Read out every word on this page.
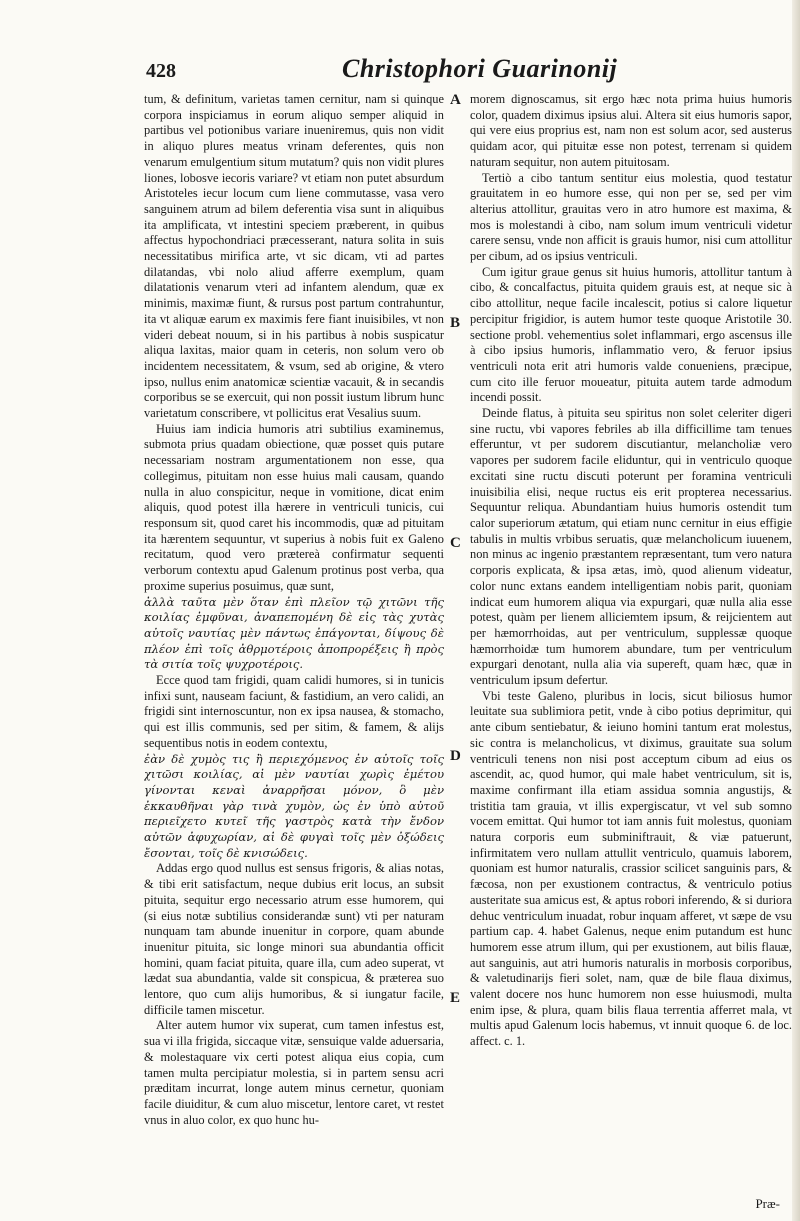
428	Christophori Guarinonij
A
B
C
D
E

tum, & definitum, varietas tamen cernitur, nam si quinque corpora inspiciamus in eorum aliquo semper aliquid in partibus vel potionibus variare inueniremus, quis non vidit in aliquo plures meatus vrinam deferentes, quis non venarum emulgentium situm mutatum? quis non vidit plures liones, lobosve iecoris variare? vt etiam non putet absurdum Aristoteles iecur locum cum liene commutasse, vasa vero sanguinem atrum ad bilem deferentia visa sunt in aliquibus ita amplificata, vt intestini speciem præberent, in quibus affectus hypochondriaci præcesserant, natura solita in suis necessitatibus mirifica arte, vt sic dicam, vti ad partes dilatandas, vbi nolo aliud afferre exemplum, quam dilatationis venarum vteri ad infantem alendum, quæ ex minimis, maximæ fiunt, & rursus post partum contrahuntur, ita vt aliquæ earum ex maximis fere fiant inuisibiles, vt non videri debeat nouum, si in his partibus à nobis suspicatur aliqua laxitas, maior quam in ceteris, non solum vero ob incidentem necessitatem, & vsum, sed ab origine, & vtero ipso, nullus enim anatomicæ scientiæ vacauit, & in secandis corporibus se se exercuit, qui non possit iustum librum hunc varietatum conscribere, vt pollicitus erat Vesalius suum.

Huius iam indicia humoris atri subtilius examinemus, submota prius quadam obiectione, quæ posset quis putare necessariam nostram argumentationem non esse, qua collegimus, pituitam non esse huius mali causam, quando nulla in aluo conspicitur, neque in vomitione, dicat enim aliquis, quod potest illa hærere in ventriculi tunicis, cui responsum sit, quod caret his incommodis, quæ ad pituitam ita hærentem sequuntur, vt superius à nobis fuit ex Galeno recitatum, quod vero prætereà confirmatur sequenti verborum contextu apud Galenum protinus post verba, qua proxime superius posuimus, quæ sunt,

ἀλλὰ ταῦτα μὲν ὅταν ἐπὶ πλεῖον τῷ χιτῶνι τῆς κοιλίας ἐμφῦναι, ἀναπεπομένη δὲ εἰς τὰς χυτὰς αὐτοῖς ναυτίας μὲν πάντως ἐπάγονται, δίψους δὲ πλέον ἐπὶ τοῖς ἀθρμοτέροις ἀποπρορέξεις ἢ πρὸς τὰ σιτία τοῖς ψυχροτέροις.

Ecce quod tam frigidi, quam calidi humores, si in tunicis infixi sunt, nauseam faciunt, & fastidium, an vero calidi, an frigidi sint internoscuntur, non ex ipsa nausea, & stomacho, qui est illis communis, sed per sitim, & famem, & alijs sequentibus notis in eodem contextu,

ἐὰν δὲ χυμὸς τις ἢ περιεχόμενος ἐν αὐτοῖς τοῖς χιτῶσι κοιλίας, αἱ μὲν ναυτίαι χωρὶς ἐμέτου γίνονται κεναὶ ἀναρρῆσαι μόνον, ὃ μὲν ἐκκαυθῆναι γὰρ τινὰ χυμὸν, ὡς ἐν ὑπὸ αὐτοῦ περιεῖχετο κυτεῖ τῆς γαστρὸς κατὰ τὴν ἔνδον αὐτῶν ἀφυχωρίαν, αἱ δὲ φυγαὶ τοῖς μὲν ὀξώδεις ἔσονται, τοῖς δὲ κνισώδεις.

Addas ergo quod nullus est sensus frigoris, & alias notas, & tibi erit satisfactum, neque dubius erit locus, an subsit pituita, sequitur ergo necessario atrum esse humorem, qui (si eius notæ subtilius considerandæ sunt) vti per naturam nunquam tam abunde inuenitur in corpore, quam abunde inuenitur pituita, sic longe minori sua abundantia officit homini, quam faciat pituita, quare illa, cum adeo superat, vt lædat sua abundantia, valde sit conspicua, & præterea suo lentore, quo cum alijs humoribus, & si iungatur facile, difficile tamen miscetur.

Alter autem humor vix superat, cum tamen infestus est, sua vi illa frigida, siccaque vitæ, sensuique valde aduersaria, & molestaquare vix certi potest aliqua eius copia, cum tamen multa percipiatur molestia, si in partem sensu acri præditam incurrat, longe autem minus cernetur, quoniam facile diuiditur, & cum aluo miscetur, lentore caret, vt restet vnus in aluo color, ex quo hunc hu-

morem dignoscamus, sit ergo hæc nota prima huius humoris color, quadem diximus ipsius alui. Altera sit eius humoris sapor, qui vere eius proprius est, nam non est solum acor, sed austerus quidam acor, qui pituitæ esse non potest, terrenam si quidem naturam sequitur, non autem pituitosam.

Tertiò a cibo tantum sentitur eius molestia, quod testatur grauitatem in eo humore esse, qui non per se, sed per vim alterius attollitur, grauitas vero in atro humore est maxima, & mos is molestandi à cibo, nam solum imum ventriculi videtur carere sensu, vnde non afficit is grauis humor, nisi cum attollitur per cibum, ad os ipsius ventriculi.

Cum igitur graue genus sit huius humoris, attollitur tantum à cibo, & concalfactus, pituita quidem grauis est, at neque sic à cibo attollitur, neque facile incalescit, potius si calore liquetur percipitur frigidior, is autem humor teste quoque Aristotile 30. sectione probl. vehementius solet inflammari, ergo ascensus ille à cibo ipsius humoris, inflammatio vero, & feruor ipsius ventriculi nota erit atri humoris valde conueniens, præcipue, cum cito ille feruor moueatur, pituita autem tarde admodum incendi possit.

Deinde flatus, à pituita seu spiritus non solet celeriter digeri sine ructu, vbi vapores febriles ab illa difficillime tam tenues efferuntur, vt per sudorem discutiantur, melancholiæ vero vapores per sudorem facile eliduntur, qui in ventriculo quoque excitati sine ructu discuti poterunt per foramina ventriculi inuisibilia elisi, neque ructus eis erit propterea necessarius. Sequuntur reliqua. Abundantiam huius humoris ostendit tum calor superiorum ætatum, qui etiam nunc cernitur in eius effigie tabulis in multis vrbibus seruatis, quæ melancholicum iuuenem, non minus ac ingenio præstantem repræsentant, tum vero natura corporis explicata, & ipsa ætas, imò, quod alienum videatur, color nunc extans eandem intelligentiam nobis parit, quoniam indicat eum humorem aliqua via expurgari, quæ nulla alia esse potest, quàm per lienem alliciemtem ipsum, & reijcientem aut per hæmorrhoidas, aut per ventriculum, supplessæ quoque hæmorrhoidæ tum humorem abundare, tum per ventriculum expurgari denotant, nulla alia via supereft, quam hæc, quæ in ventriculum ipsum defertur.

Vbi teste Galeno, pluribus in locis, sicut biliosus humor leuitate sua sublimiora petit, vnde à cibo potius deprimitur, qui ante cibum sentiebatur, & ieiuno homini tantum erat molestus, sic contra is melancholicus, vt diximus, grauitate sua solum ventriculi tenens non nisi post acceptum cibum ad eius os ascendit, ac, quod humor, qui male habet ventriculum, sit is, maxime confirmant illa etiam assidua somnia angustijs, & tristitia tam grauia, vt illis expergiscatur, vt vel sub somno vocem emittat. Qui humor tot iam annis fuit molestus, quoniam natura corporis eum subminiftrauit, & viæ patuerunt, infirmitatem vero nullam attullit ventriculo, quamuis laborem, quoniam est humor naturalis, crassior scilicet sanguinis pars, & fæcosa, non per exustionem contractus, & ventriculo potius austeritate sua amicus est, & aptus robori inferendo, & si duriora dehuc ventriculum inuadat, robur inquam afferet, vt sæpe de vsu partium cap. 4. habet Galenus, neque enim putandum est hunc humorem esse atrum illum, qui per exustionem, aut bilis flauæ, aut sanguinis, aut atri humoris naturalis in morbosis corporibus, & valetudinarijs fieri solet, nam, quæ de bile flaua diximus, valent docere nos hunc humorem non esse huiusmodi, multa enim ipse, & plura, quam bilis flaua terrentia afferret mala, vt multis apud Galenum locis habemus, vt innuit quoque 6. de loc. affect. c. 1.

Præ-
